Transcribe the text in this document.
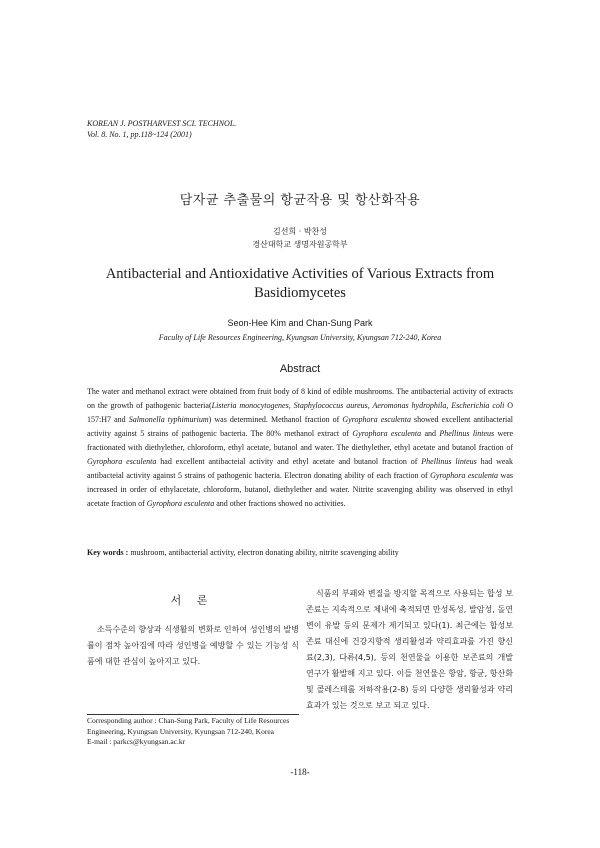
KOREAN J. POSTHARVEST SCI. TECHNOL.
Vol. 8. No. 1, pp.118~124 (2001)
담자균 추출물의 항균작용 및 항산화작용
김선희 · 박찬성
경산대학교 생명자원공학부
Antibacterial and Antioxidative Activities of Various Extracts from Basidiomycetes
Seon-Hee Kim and Chan-Sung Park
Faculty of Life Resources Engineering, Kyungsan University, Kyungsan 712-240, Korea
Abstract
The water and methanol extract were obtained from fruit body of 8 kind of edible mushrooms. The antibacterial activity of extracts on the growth of pathogenic bacteria(Listeria monocytogenes, Staphylococcus aureus, Aeromonas hydrophila, Escherichia coli O 157:H7 and Salmonella typhimurium) was determined. Methanol fraction of Gyrophora esculenta showed excellent antibacterial activity against 5 strains of pathogenic bacteria. The 80% methanol extract of Gyrophora esculenta and Phellinus linteus were fractionated with diethylether, chloroform, ethyl acetate, butanol and water. The diethylether, ethyl acetate and butanol fraction of Gyrophora esculenta had excellent antibacteial activity and ethyl acetate and butanol fraction of Phellinus linteus had weak antibacteial activity against 5 strains of pathogenic bacteria. Electron donating ability of each fraction of Gyrophora esculenta was increased in order of ethylacetate, chloroform, butanol, diethylether and water. Nitrite scavenging ability was observed in ethyl acetate fraction of Gyrophora esculenta and other fractions showed no activities.
Key words : mushroom, antibacterial activity, electron donating ability, nitrite scavenging ability
서 론
소득수준의 향상과 식생활의 변화로 인하여 성인병의 발병률이 점차 높아짐에 따라 성인병을 예방할 수 있는 기능성 식품에 대한 관심이 높아지고 있다.
식품의 부패와 변질을 방지할 목적으로 사용되는 합성 보존료는 지속적으로 체내에 축적되면 만성독성, 발암성, 돌연변이 유발 등의 문제가 제기되고 있다(1). 최근에는 합성보존료 대신에 건강지향적 생리활성과 약리효과를 가진 향신료(2,3), 다류(4,5), 등의 천연물을 이용한 보존료의 개발 연구가 활발해 지고 있다. 이들 천연물은 항암, 항균, 항산화 및 콜레스테롤 저하작용(2-8) 등의 다양한 생리활성과 약리효과가 있는 것으로 보고 되고 있다.
Corresponding author : Chan-Sung Park, Faculty of Life Resources Engineering, Kyungsan University, Kyungsan 712-240, Korea
E-mail : parkcs@kyungsan.ac.kr
-118-
